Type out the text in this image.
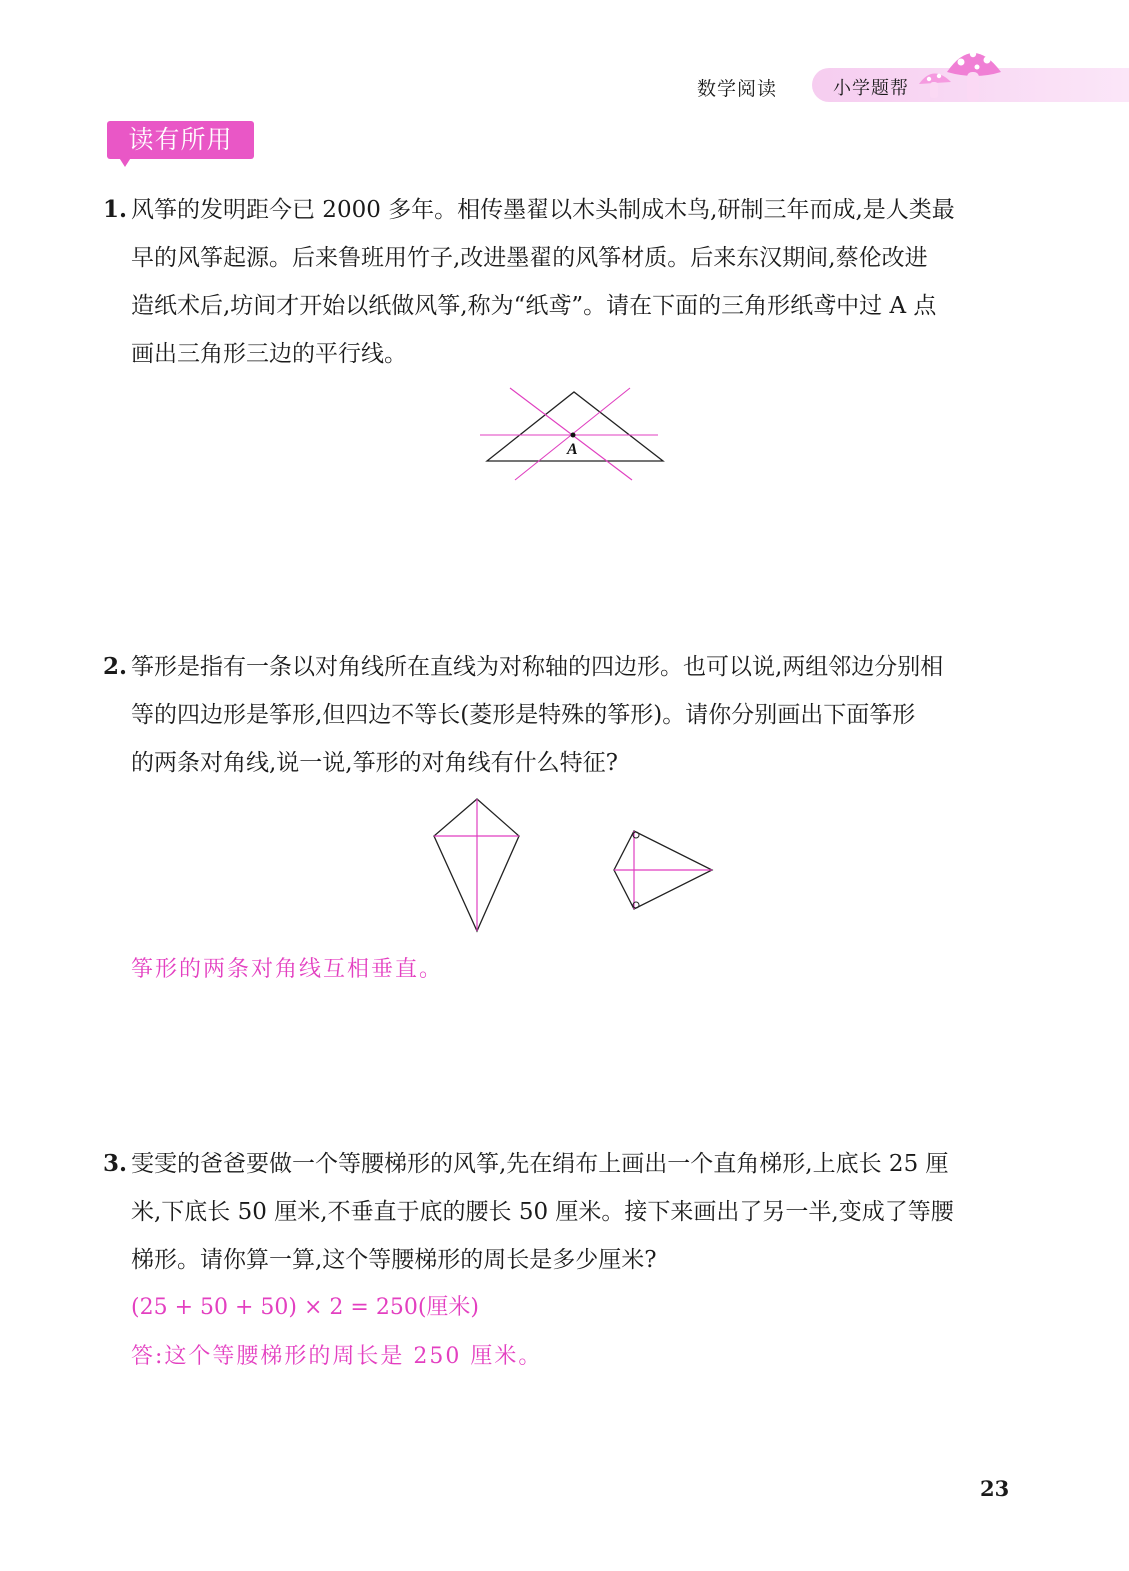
数学阅读	小学题帮
读有所用
1. 风筝的发明距今已 2000 多年。相传墨翟以木头制成木鸟,研制三年而成,是人类最
早的风筝起源。后来鲁班用竹子,改进墨翟的风筝材质。后来东汉期间,蔡伦改进
造纸术后,坊间才开始以纸做风筝,称为“纸鸢”。请在下面的三角形纸鸢中过 A 点
画出三角形三边的平行线。
A
2. 筝形是指有一条以对角线所在直线为对称轴的四边形。也可以说,两组邻边分别相
等的四边形是筝形,但四边不等长(菱形是特殊的筝形)。请你分别画出下面筝形
的两条对角线,说一说,筝形的对角线有什么特征?
筝形的两条对角线互相垂直。
3. 雯雯的爸爸要做一个等腰梯形的风筝,先在绢布上画出一个直角梯形,上底长 25 厘
米,下底长 50 厘米,不垂直于底的腰长 50 厘米。接下来画出了另一半,变成了等腰
梯形。请你算一算,这个等腰梯形的周长是多少厘米?
(25 + 50 + 50) × 2 = 250(厘米)
答:这个等腰梯形的周长是 250 厘米。
23
